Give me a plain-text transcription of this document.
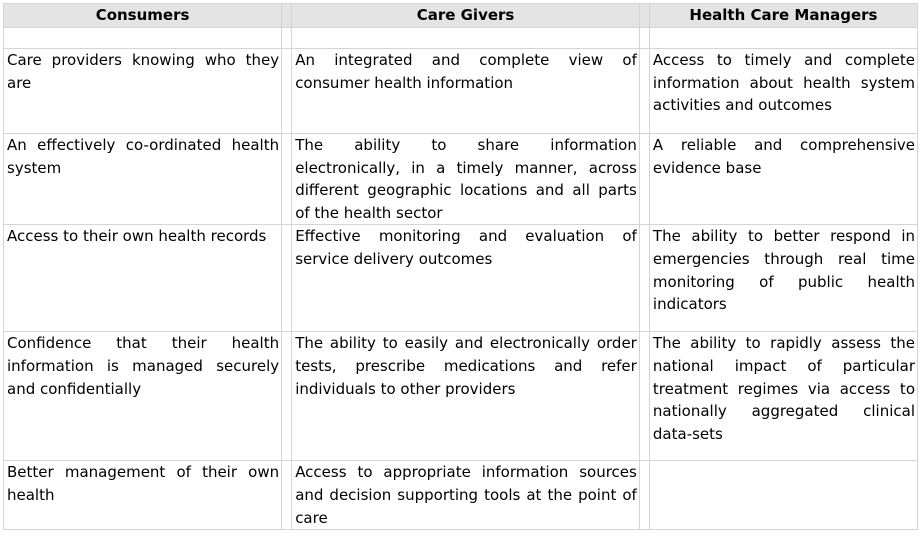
Consumers		Care Givers		Health Care Managers

Care providers knowing who they are		An integrated and complete view of consumer health information		Access to timely and complete information about health system activities and outcomes
An effectively co-ordinated health system		The ability to share information electronically, in a timely manner, across different geographic locations and all parts of the health sector		A reliable and comprehensive evidence base
Access to their own health records		Effective monitoring and evaluation of service delivery outcomes		The ability to better respond in emergencies through real time monitoring of public health indicators
Confidence that their health information is managed securely and confidentially		The ability to easily and electronically order tests, prescribe medications and refer individuals to other providers		The ability to rapidly assess the national impact of particular treatment regimes via access to nationally aggregated clinical data-sets
Better management of their own health		Access to appropriate information sources and decision supporting tools at the point of care		
